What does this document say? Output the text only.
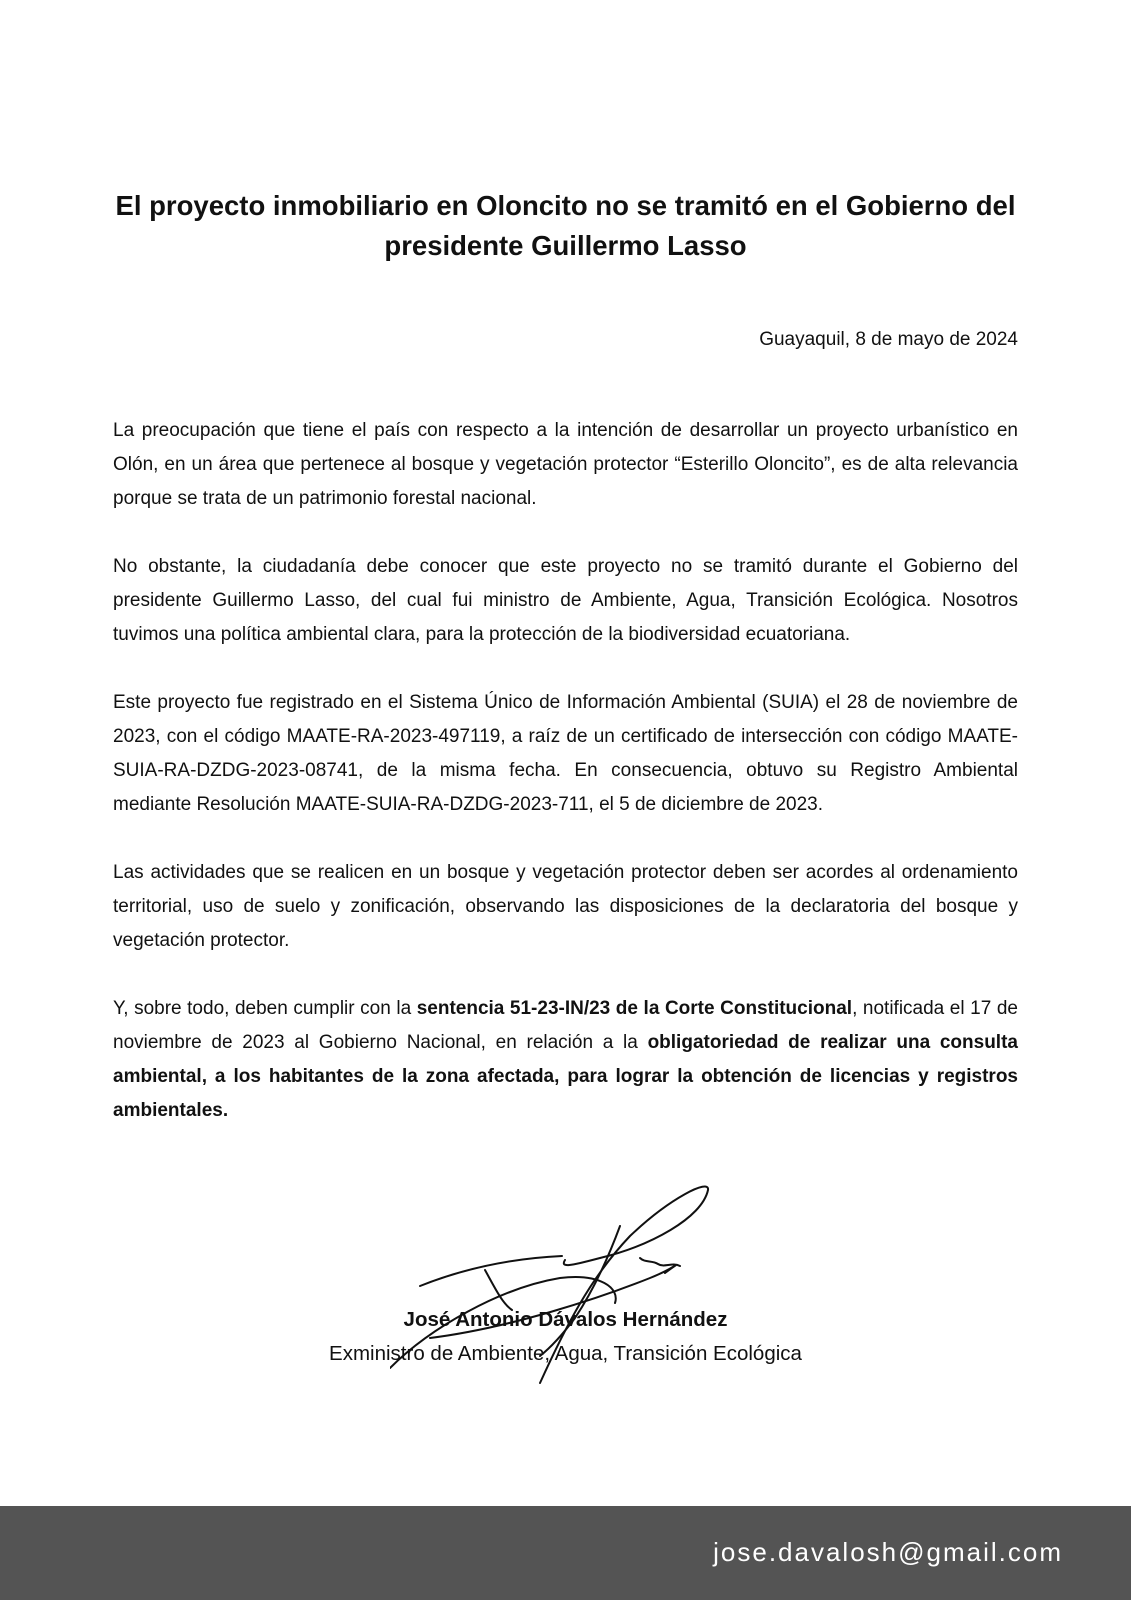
El proyecto inmobiliario en Oloncito no se tramitó en el Gobierno del presidente Guillermo Lasso
Guayaquil, 8 de mayo de 2024

La preocupación que tiene el país con respecto a la intención de desarrollar un proyecto urbanístico en Olón, en un área que pertenece al bosque y vegetación protector “Esterillo Oloncito”, es de alta relevancia porque se trata de un patrimonio forestal nacional.

No obstante, la ciudadanía debe conocer que este proyecto no se tramitó durante el Gobierno del presidente Guillermo Lasso, del cual fui ministro de Ambiente, Agua, Transición Ecológica. Nosotros tuvimos una política ambiental clara, para la protección de la biodiversidad ecuatoriana.

Este proyecto fue registrado en el Sistema Único de Información Ambiental (SUIA) el 28 de noviembre de 2023, con el código MAATE-RA-2023-497119, a raíz de un certificado de intersección con código MAATE-SUIA-RA-DZDG-2023-08741, de la misma fecha. En consecuencia, obtuvo su Registro Ambiental mediante Resolución MAATE-SUIA-RA-DZDG-2023-711, el 5 de diciembre de 2023.

Las actividades que se realicen en un bosque y vegetación protector deben ser acordes al ordenamiento territorial, uso de suelo y zonificación, observando las disposiciones de la declaratoria del bosque y vegetación protector.

Y, sobre todo, deben cumplir con la sentencia 51-23-IN/23 de la Corte Constitucional, notificada el 17 de noviembre de 2023 al Gobierno Nacional, en relación a la obligatoriedad de realizar una consulta ambiental, a los habitantes de la zona afectada, para lograr la obtención de licencias y registros ambientales.

José Antonio Dávalos Hernández
Exministro de Ambiente, Agua, Transición Ecológica
jose.davalosh@gmail.com
